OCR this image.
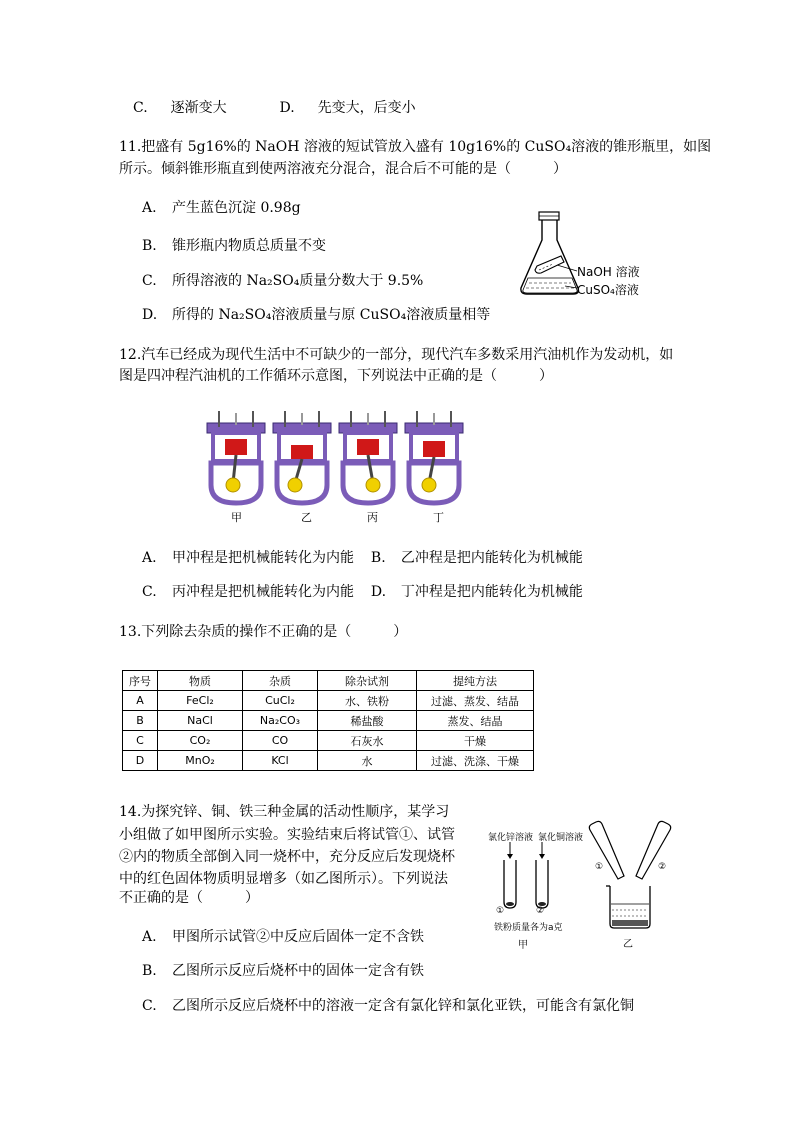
C. 逐渐变大	D. 先变大，后变小
11.把盛有 5g16%的 NaOH 溶液的短试管放入盛有 10g16%的 CuSO₄溶液的锥形瓶里，如图
所示。倾斜锥形瓶直到使两溶液充分混合，混合后不可能的是（　　　）
A. 产生蓝色沉淀 0.98g
B. 锥形瓶内物质总质量不变
C. 所得溶液的 Na₂SO₄质量分数大于 9.5%
D. 所得的 Na₂SO₄溶液质量与原 CuSO₄溶液质量相等
NaOH 溶液
CuSO₄溶液
12.汽车已经成为现代生活中不可缺少的一部分，现代汽车多数采用汽油机作为发动机，如
图是四冲程汽油机的工作循环示意图，下列说法中正确的是（　　　）
甲	乙	丙	丁
A. 甲冲程是把机械能转化为内能 B. 乙冲程是把内能转化为机械能
C. 丙冲程是把机械能转化为内能 D. 丁冲程是把内能转化为机械能
13.下列除去杂质的操作不正确的是（　　　）
序号	物质	杂质	除杂试剂	提纯方法
A	FeCl₂	CuCl₂	水、铁粉	过滤、蒸发、结晶
B	NaCl	Na₂CO₃	稀盐酸	蒸发、结晶
C	CO₂	CO	石灰水	干燥
D	MnO₂	KCl	水	过滤、洗涤、干燥
14.为探究锌、铜、铁三种金属的活动性顺序，某学习
小组做了如甲图所示实验。实验结束后将试管①、试管
②内的物质全部倒入同一烧杯中，充分反应后发现烧杯
中的红色固体物质明显增多（如乙图所示）。下列说法
不正确的是（　　　）
氯化锌溶液 氯化铜溶液
①	②
铁粉质量各为a克
甲
①	②
乙
A. 甲图所示试管②中反应后固体一定不含铁
B. 乙图所示反应后烧杯中的固体一定含有铁
C. 乙图所示反应后烧杯中的溶液一定含有氯化锌和氯化亚铁，可能含有氯化铜
